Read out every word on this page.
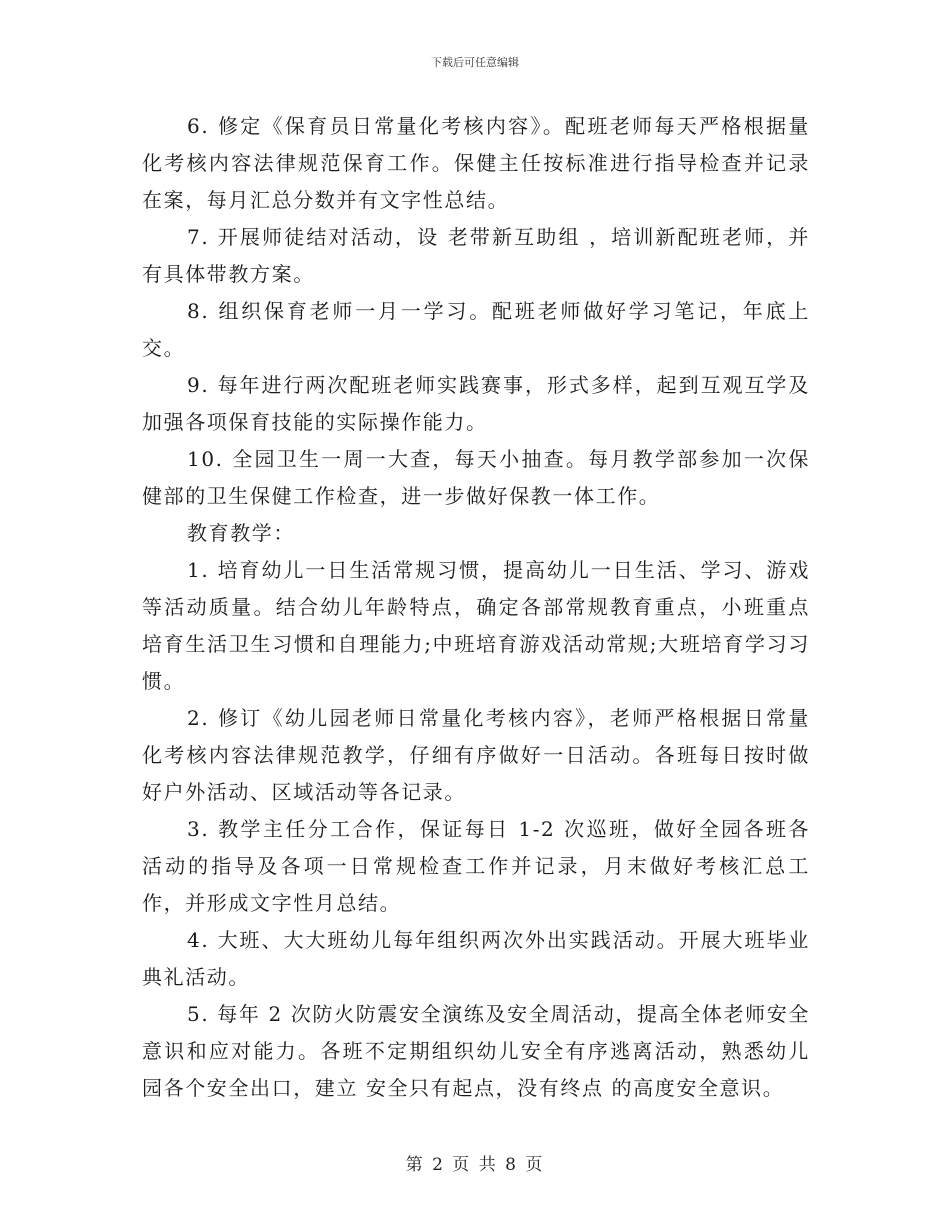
下载后可任意编辑

6. 修定《保育员日常量化考核内容》。配班老师每天严格根据量化考核内容法律规范保育工作。保健主任按标准进行指导检查并记录在案，每月汇总分数并有文字性总结。

7. 开展师徒结对活动，设 老带新互助组 ，培训新配班老师，并有具体带教方案。

8. 组织保育老师一月一学习。配班老师做好学习笔记，年底上交。

9. 每年进行两次配班老师实践赛事，形式多样，起到互观互学及加强各项保育技能的实际操作能力。

10. 全园卫生一周一大查，每天小抽查。每月教学部参加一次保健部的卫生保健工作检查，进一步做好保教一体工作。

教育教学：

1. 培育幼儿一日生活常规习惯，提高幼儿一日生活、学习、游戏等活动质量。结合幼儿年龄特点，确定各部常规教育重点，小班重点培育生活卫生习惯和自理能力;中班培育游戏活动常规;大班培育学习习惯。

2. 修订《幼儿园老师日常量化考核内容》，老师严格根据日常量化考核内容法律规范教学，仔细有序做好一日活动。各班每日按时做好户外活动、区域活动等各记录。

3. 教学主任分工合作，保证每日 1-2 次巡班，做好全园各班各活动的指导及各项一日常规检查工作并记录，月末做好考核汇总工作，并形成文字性月总结。

4. 大班、大大班幼儿每年组织两次外出实践活动。开展大班毕业典礼活动。

5. 每年 2 次防火防震安全演练及安全周活动，提高全体老师安全意识和应对能力。各班不定期组织幼儿安全有序逃离活动，熟悉幼儿园各个安全出口，建立 安全只有起点，没有终点 的高度安全意识。

第 2 页 共 8 页
